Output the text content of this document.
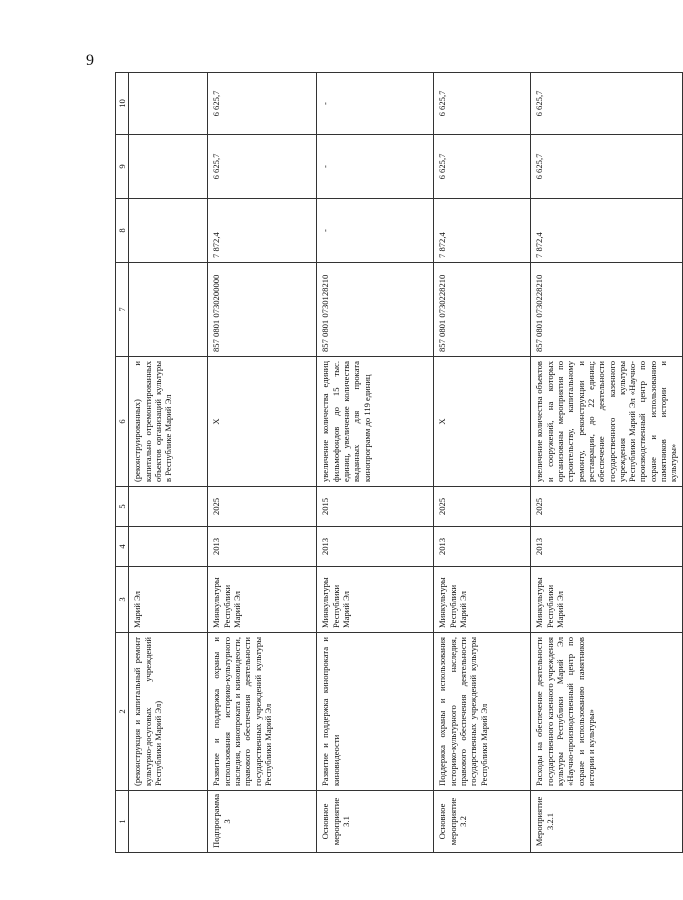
9
1	2	3	4	5	6	7	8	9	10
	(реконструкция и капитальный ремонт культурно-досуговых учреждений Республики Марий Эл)	Марий Эл			(реконструированных) и капитально отремонтированных объектов организаций культуры в Республике Марий Эл				
Подпрограмма 3	Развитие и поддержка охраны и использования историко-культурного наследия, кинопроката и киновидеости, правового обеспечения деятельности государственных учреждений культуры Республики Марий Эл	Минкультуры Республики Марий Эл	2013	2025	Х	857 0801 0730200000	7 872,4	6 625,7	6 625,7
Основное мероприятие 3.1	Развитие и поддержка кинопроката и киновидеости	Минкультуры Республики Марий Эл	2013	2015	увеличение количества единиц фильмофондов до 15 тыс. единиц, увеличение количества выданных для проката кинопрограмм до 119 единиц	857 0801 0730128210	-	-	-
Основное мероприятие 3.2	Поддержка охраны и использования историко-культурного наследия, правового обеспечения деятельности государственных учреждений культуры Республики Марий Эл	Минкультуры Республики Марий Эл	2013	2025	Х	857 0801 0730228210	7 872,4	6 625,7	6 625,7
Мероприятие 3.2.1	Расходы на обеспечение деятельности государственного казенного учреждения культуры Республики Марий Эл «Научно-производственный центр по охране и использованию памятников истории и культуры»	Минкультуры Республики Марий Эл	2013	2025	увеличение количества объектов и сооружений, на которых организованы мероприятия по строительству, капитальному ремонту, реконструкции и реставрации, до 22 единиц; обеспечение деятельности государственного казенного учреждения культуры Республики Марий Эл «Научно-производственный центр по охране и использованию памятников истории и культуры»	857 0801 0730228210	7 872,4	6 625,7	6 625,7
